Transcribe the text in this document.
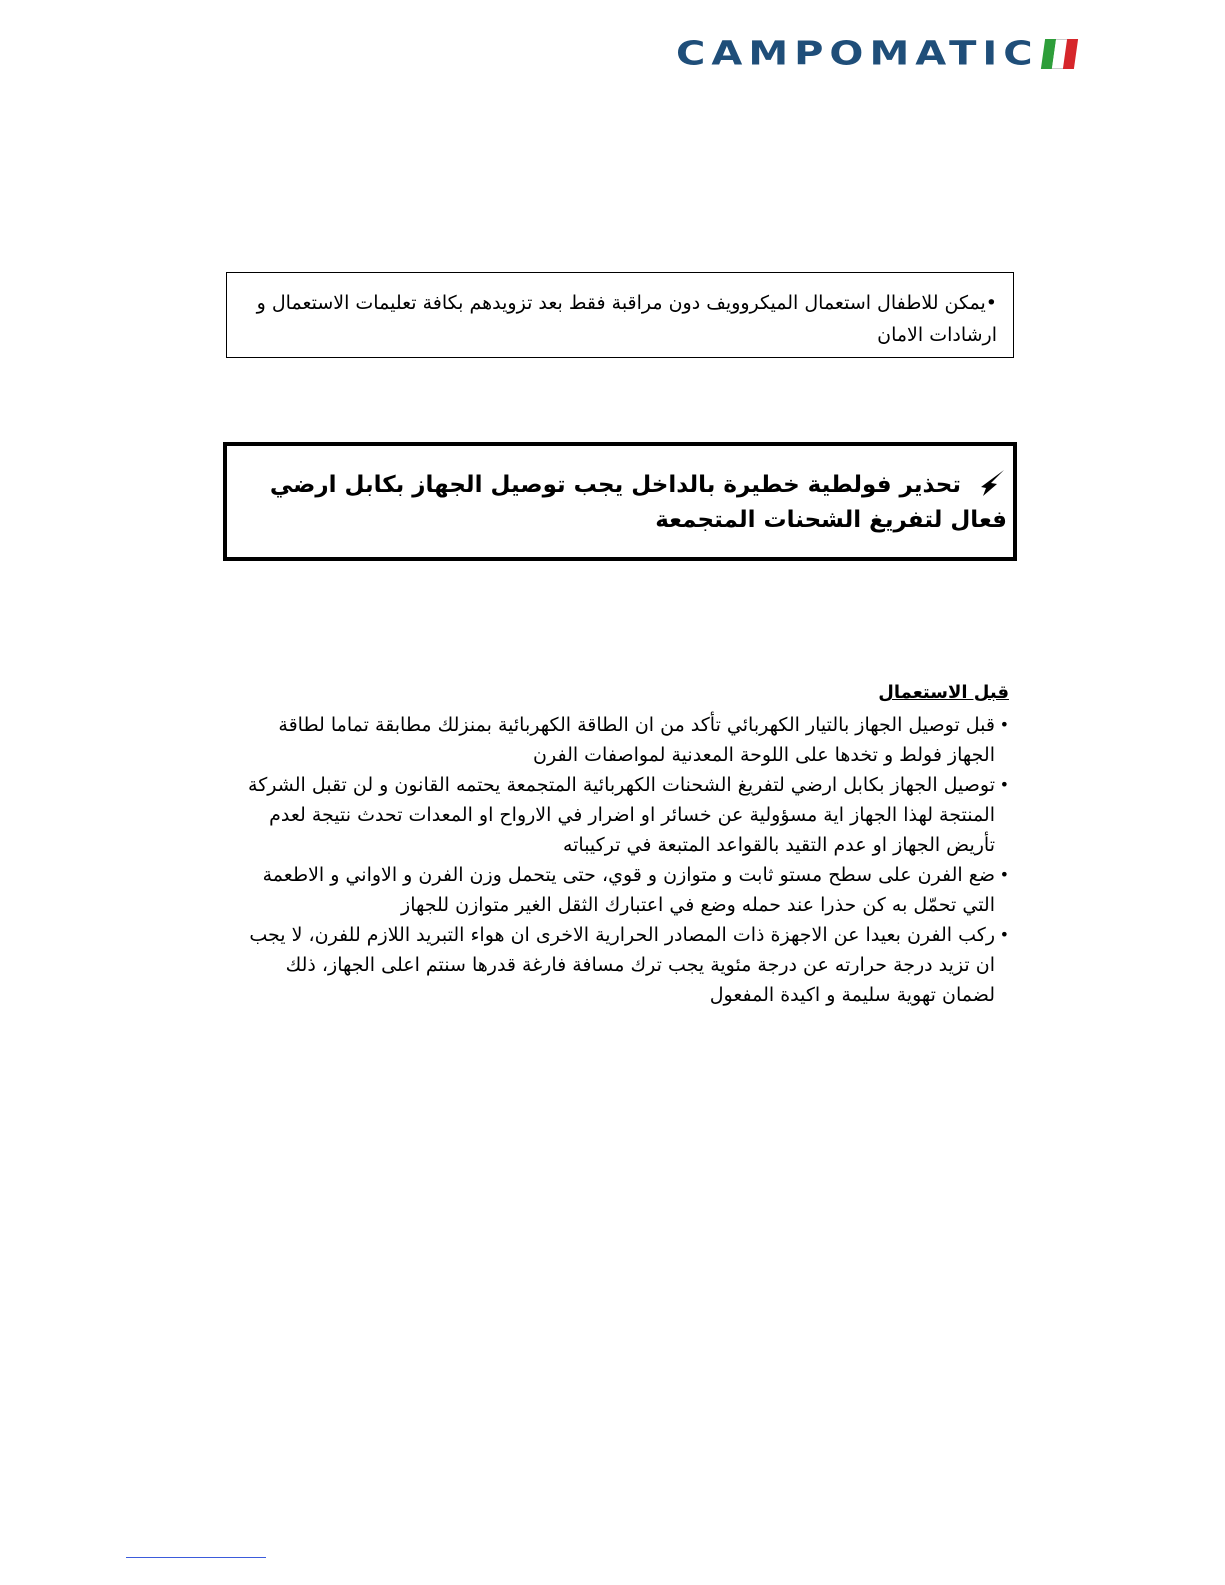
CAMPOMATIC
•يمكن للاطفال استعمال الميكروويف دون مراقبة فقط بعد تزويدهم بكافة تعليمات الاستعمال و ارشادات الامان
تحذير فولطية خطيرة بالداخل يجب توصيل الجهاز بكابل ارضي فعال لتفريغ الشحنات المتجمعة
قبل الاستعمال
•
قبل توصيل الجهاز بالتيار الكهربائي تأكد من ان الطاقة الكهربائية بمنزلك مطابقة تماما لطاقة الجهاز فولط و تخدها على اللوحة المعدنية لمواصفات الفرن
•
توصيل الجهاز بكابل ارضي لتفريغ الشحنات الكهربائية المتجمعة يحتمه القانون و لن تقبل الشركة المنتجة لهذا الجهاز اية مسؤولية عن خسائر او اضرار في الارواح او المعدات تحدث نتيجة لعدم تأريض الجهاز او عدم التقيد بالقواعد المتبعة في تركيباته
•
ضع الفرن على سطح مستو ثابت و متوازن و قوي، حتى يتحمل وزن الفرن و الاواني و الاطعمة التي تحمّل به كن حذرا عند حمله وضع في اعتبارك الثقل الغير متوازن للجهاز
•
ركب الفرن بعيدا عن الاجهزة ذات المصادر الحرارية الاخرى ان هواء التبريد اللازم للفرن، لا يجب ان تزيد درجة حرارته عن درجة مئوية يجب ترك مسافة فارغة قدرها سنتم اعلى الجهاز، ذلك لضمان تهوية سليمة و اكيدة المفعول
